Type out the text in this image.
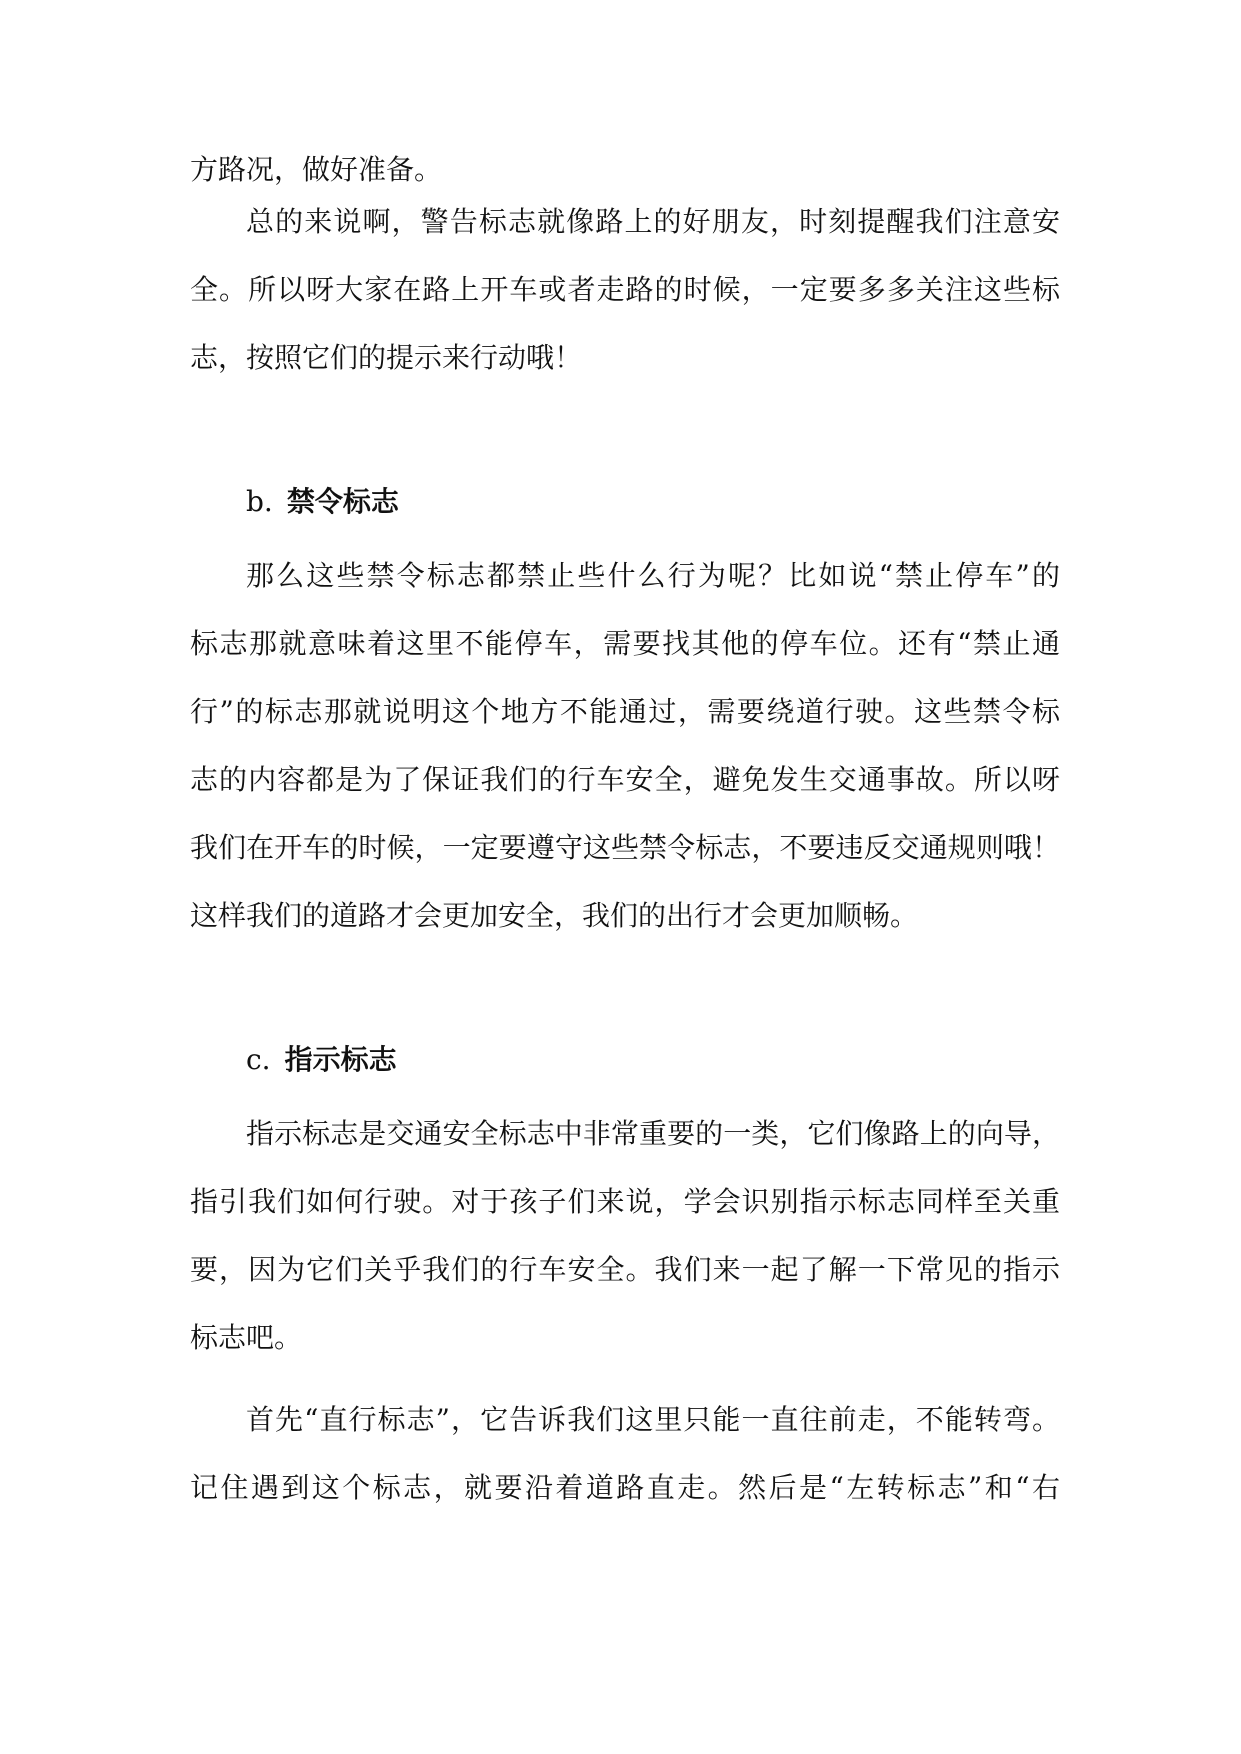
方路况，做好准备。
总的来说啊，警告标志就像路上的好朋友，时刻提醒我们注意安
全。所以呀大家在路上开车或者走路的时候，一定要多多关注这些标
志，按照它们的提示来行动哦！
b. 禁令标志
那么这些禁令标志都禁止些什么行为呢？比如说“禁止停车”的
标志那就意味着这里不能停车，需要找其他的停车位。还有“禁止通
行”的标志那就说明这个地方不能通过，需要绕道行驶。这些禁令标
志的内容都是为了保证我们的行车安全，避免发生交通事故。所以呀
我们在开车的时候，一定要遵守这些禁令标志，不要违反交通规则哦！
这样我们的道路才会更加安全，我们的出行才会更加顺畅。
c. 指示标志
指示标志是交通安全标志中非常重要的一类，它们像路上的向导，
指引我们如何行驶。对于孩子们来说，学会识别指示标志同样至关重
要，因为它们关乎我们的行车安全。我们来一起了解一下常见的指示
标志吧。
首先“直行标志”，它告诉我们这里只能一直往前走，不能转弯。
记住遇到这个标志，就要沿着道路直走。然后是“左转标志”和“右
